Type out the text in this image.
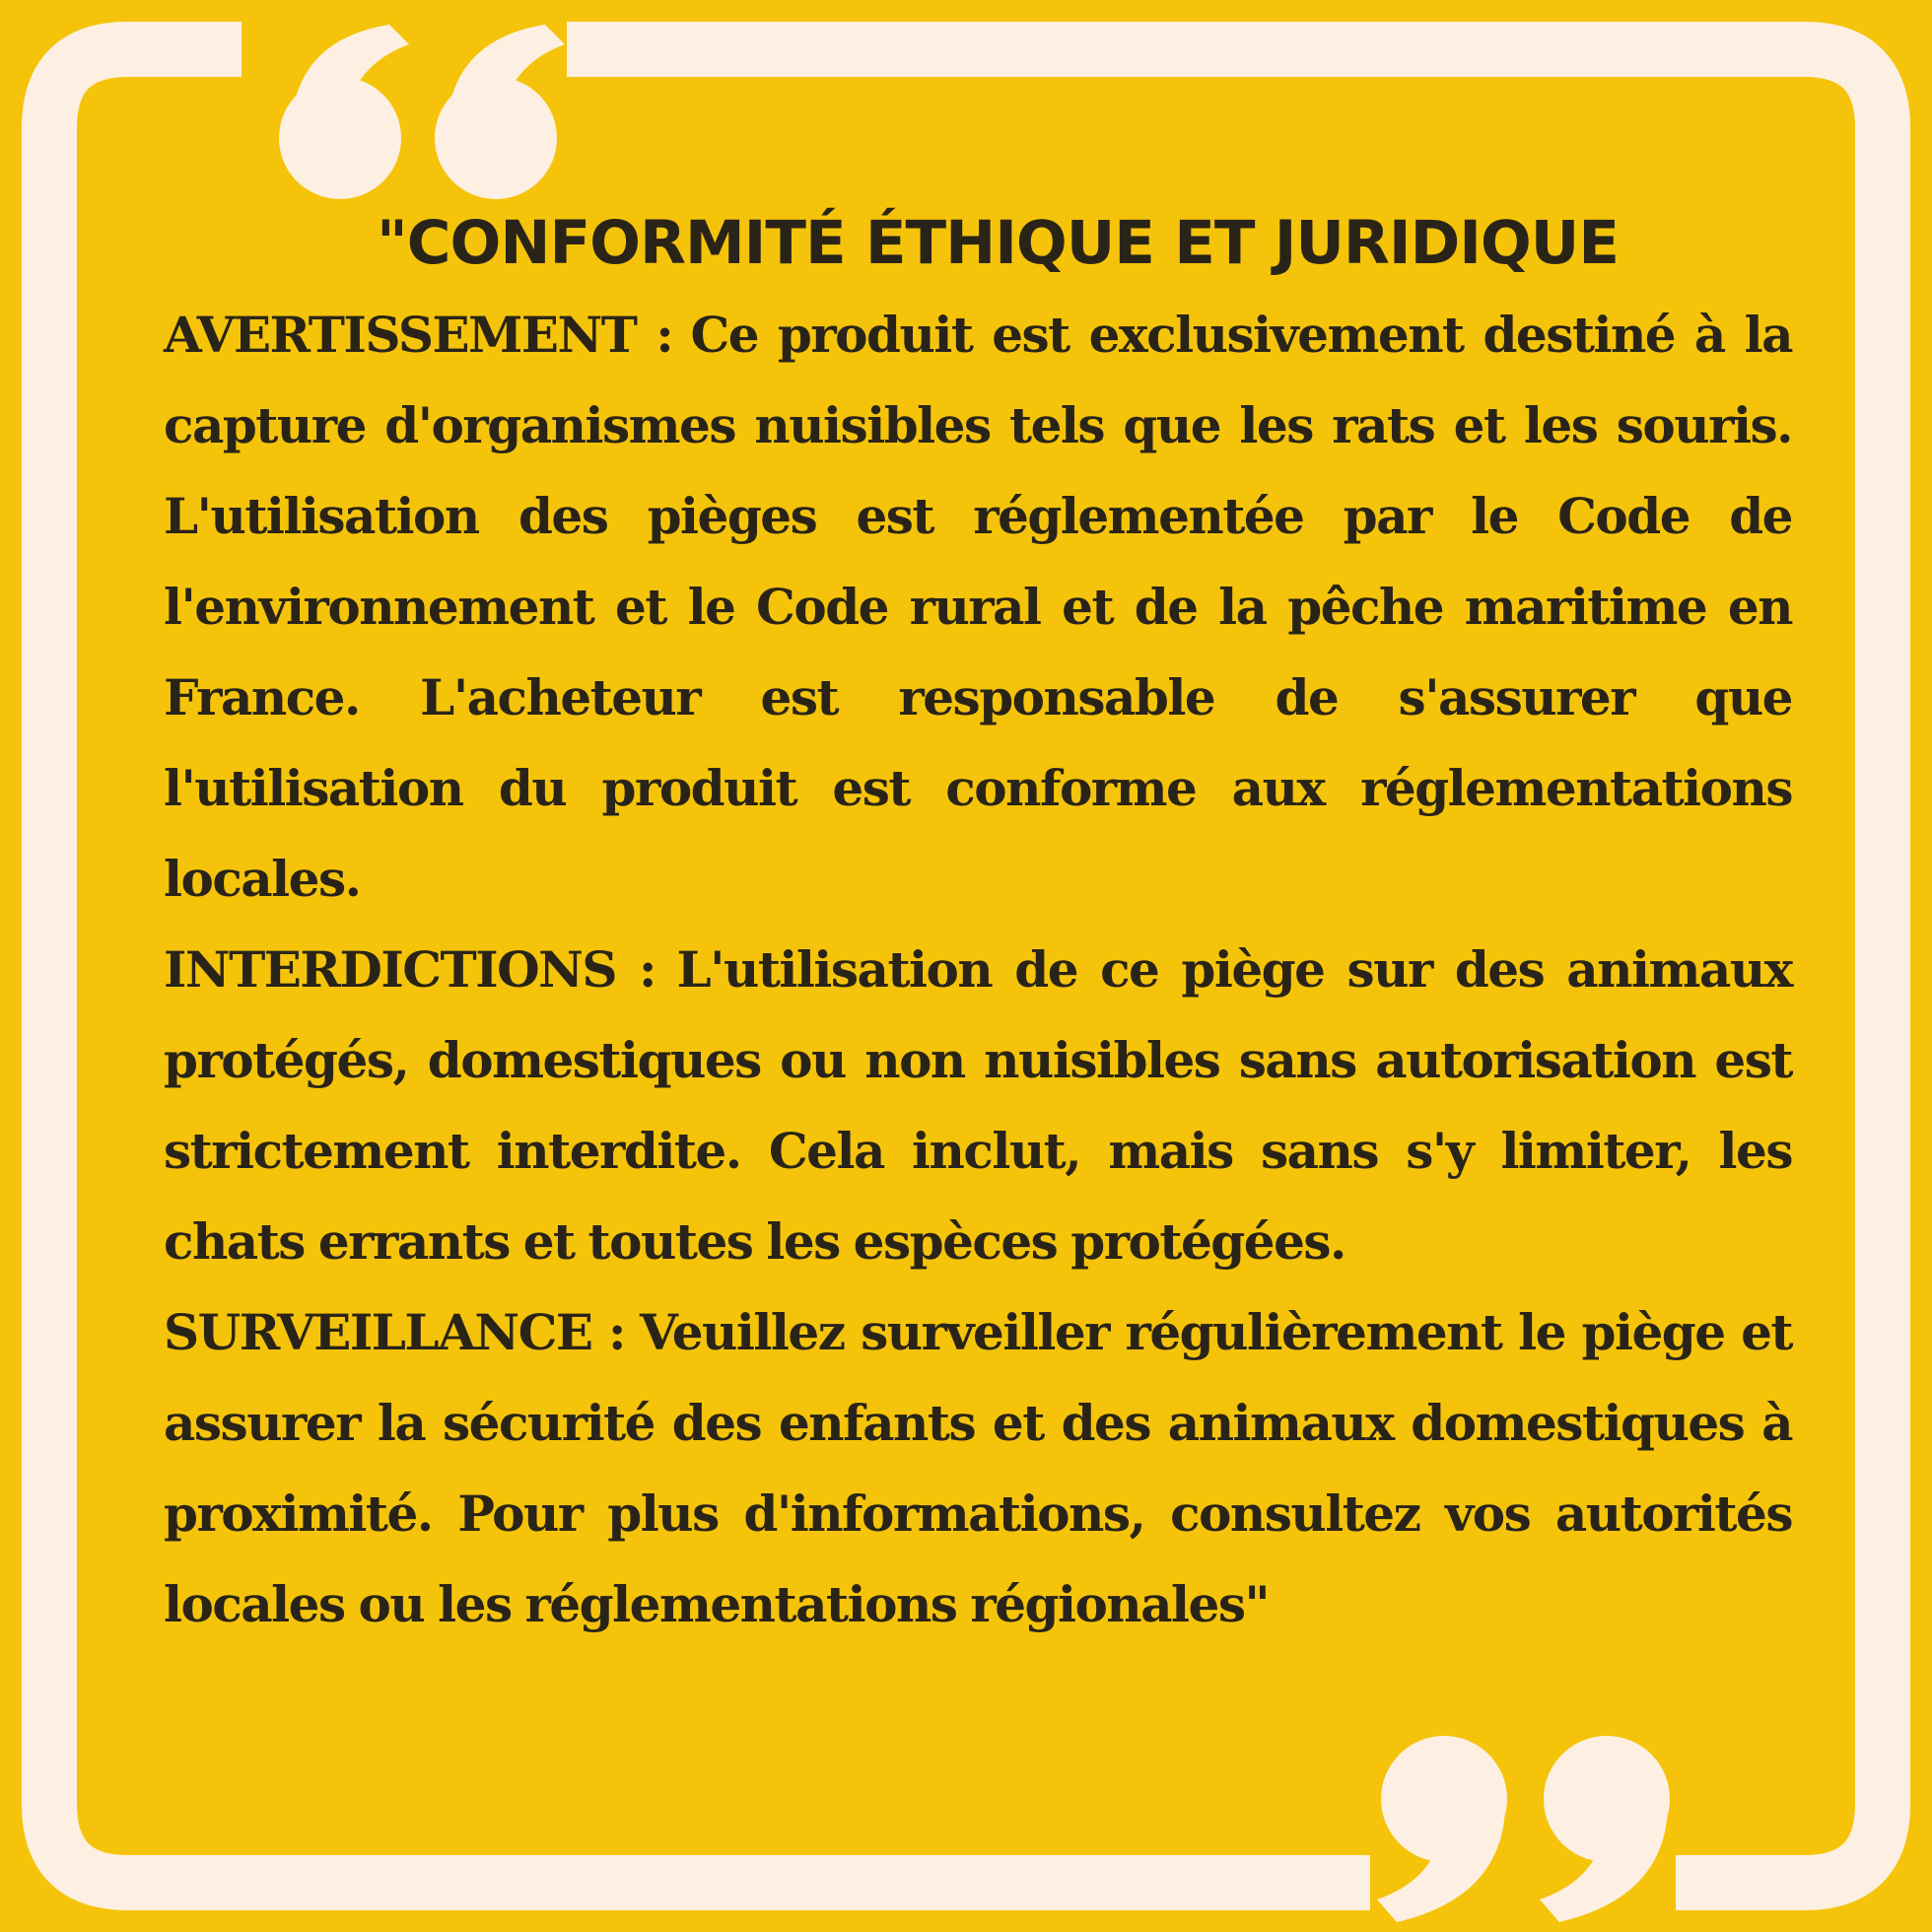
"CONFORMITÉ ÉTHIQUE ET JURIDIQUE

AVERTISSEMENT : Ce produit est exclusivement destiné à la capture d'organismes nuisibles tels que les rats et les souris. L'utilisation des pièges est réglementée par le Code de l'environnement et le Code rural et de la pêche maritime en France. L'acheteur est responsable de s'assurer que l'utilisation du produit est conforme aux réglementations locales.

INTERDICTIONS : L'utilisation de ce piège sur des animaux protégés, domestiques ou non nuisibles sans autorisation est strictement interdite. Cela inclut, mais sans s'y limiter, les chats errants et toutes les espèces protégées.

SURVEILLANCE : Veuillez surveiller régulièrement le piège et assurer la sécurité des enfants et des animaux domestiques à proximité. Pour plus d'informations, consultez vos autorités locales ou les réglementations régionales"
